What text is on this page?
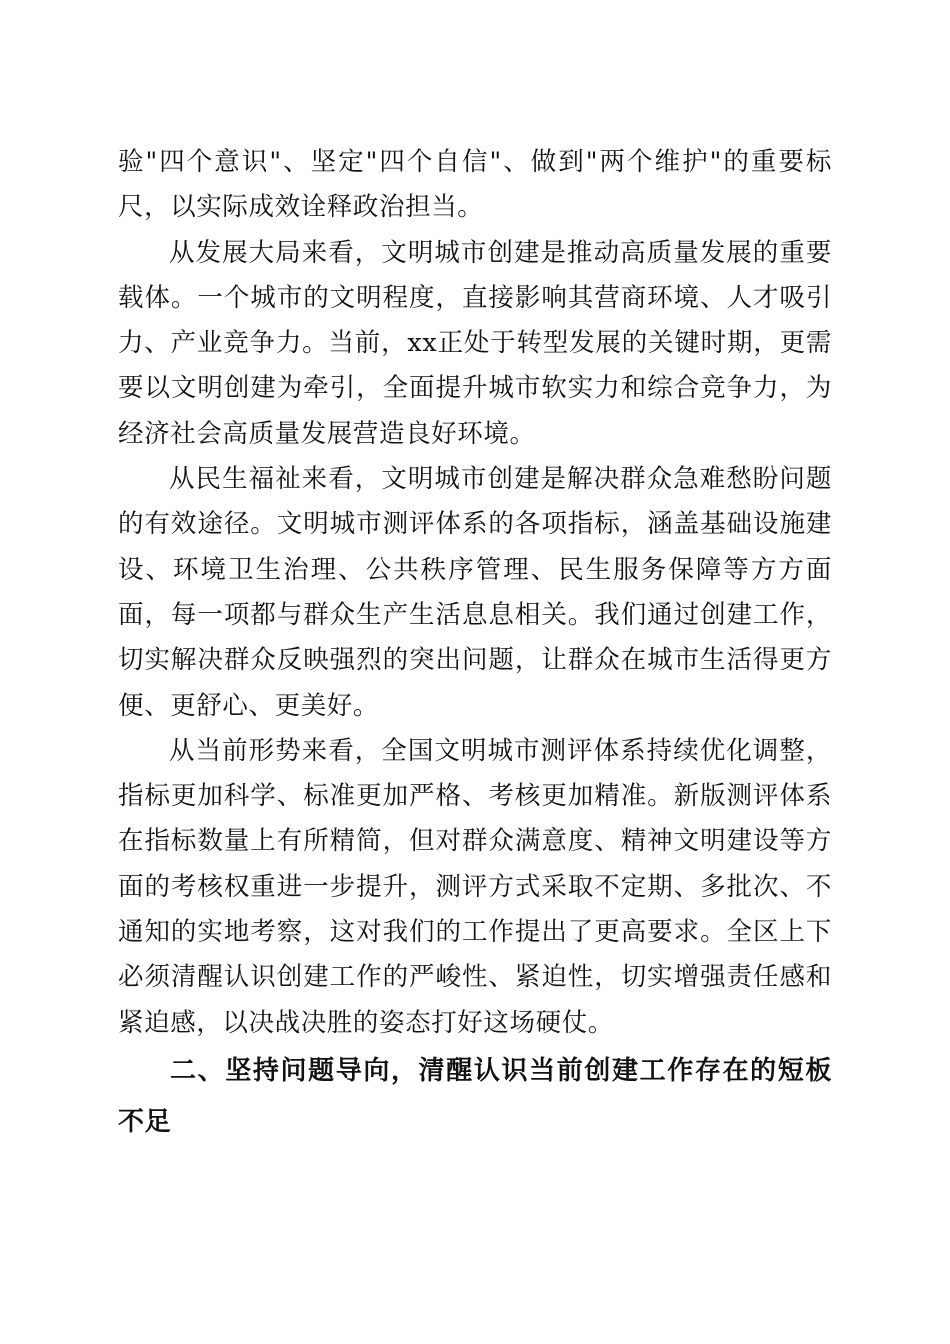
验"四个意识"、坚定"四个自信"、做到"两个维护"的重要标尺，以实际成效诠释政治担当。

从发展大局来看，文明城市创建是推动高质量发展的重要载体。一个城市的文明程度，直接影响其营商环境、人才吸引力、产业竞争力。当前，xx正处于转型发展的关键时期，更需要以文明创建为牵引，全面提升城市软实力和综合竞争力，为经济社会高质量发展营造良好环境。

从民生福祉来看，文明城市创建是解决群众急难愁盼问题的有效途径。文明城市测评体系的各项指标，涵盖基础设施建设、环境卫生治理、公共秩序管理、民生服务保障等方方面面，每一项都与群众生产生活息息相关。我们通过创建工作，切实解决群众反映强烈的突出问题，让群众在城市生活得更方便、更舒心、更美好。

从当前形势来看，全国文明城市测评体系持续优化调整，指标更加科学、标准更加严格、考核更加精准。新版测评体系在指标数量上有所精简，但对群众满意度、精神文明建设等方面的考核权重进一步提升，测评方式采取不定期、多批次、不通知的实地考察，这对我们的工作提出了更高要求。全区上下必须清醒认识创建工作的严峻性、紧迫性，切实增强责任感和紧迫感，以决战决胜的姿态打好这场硬仗。

二、坚持问题导向，清醒认识当前创建工作存在的短板不足
